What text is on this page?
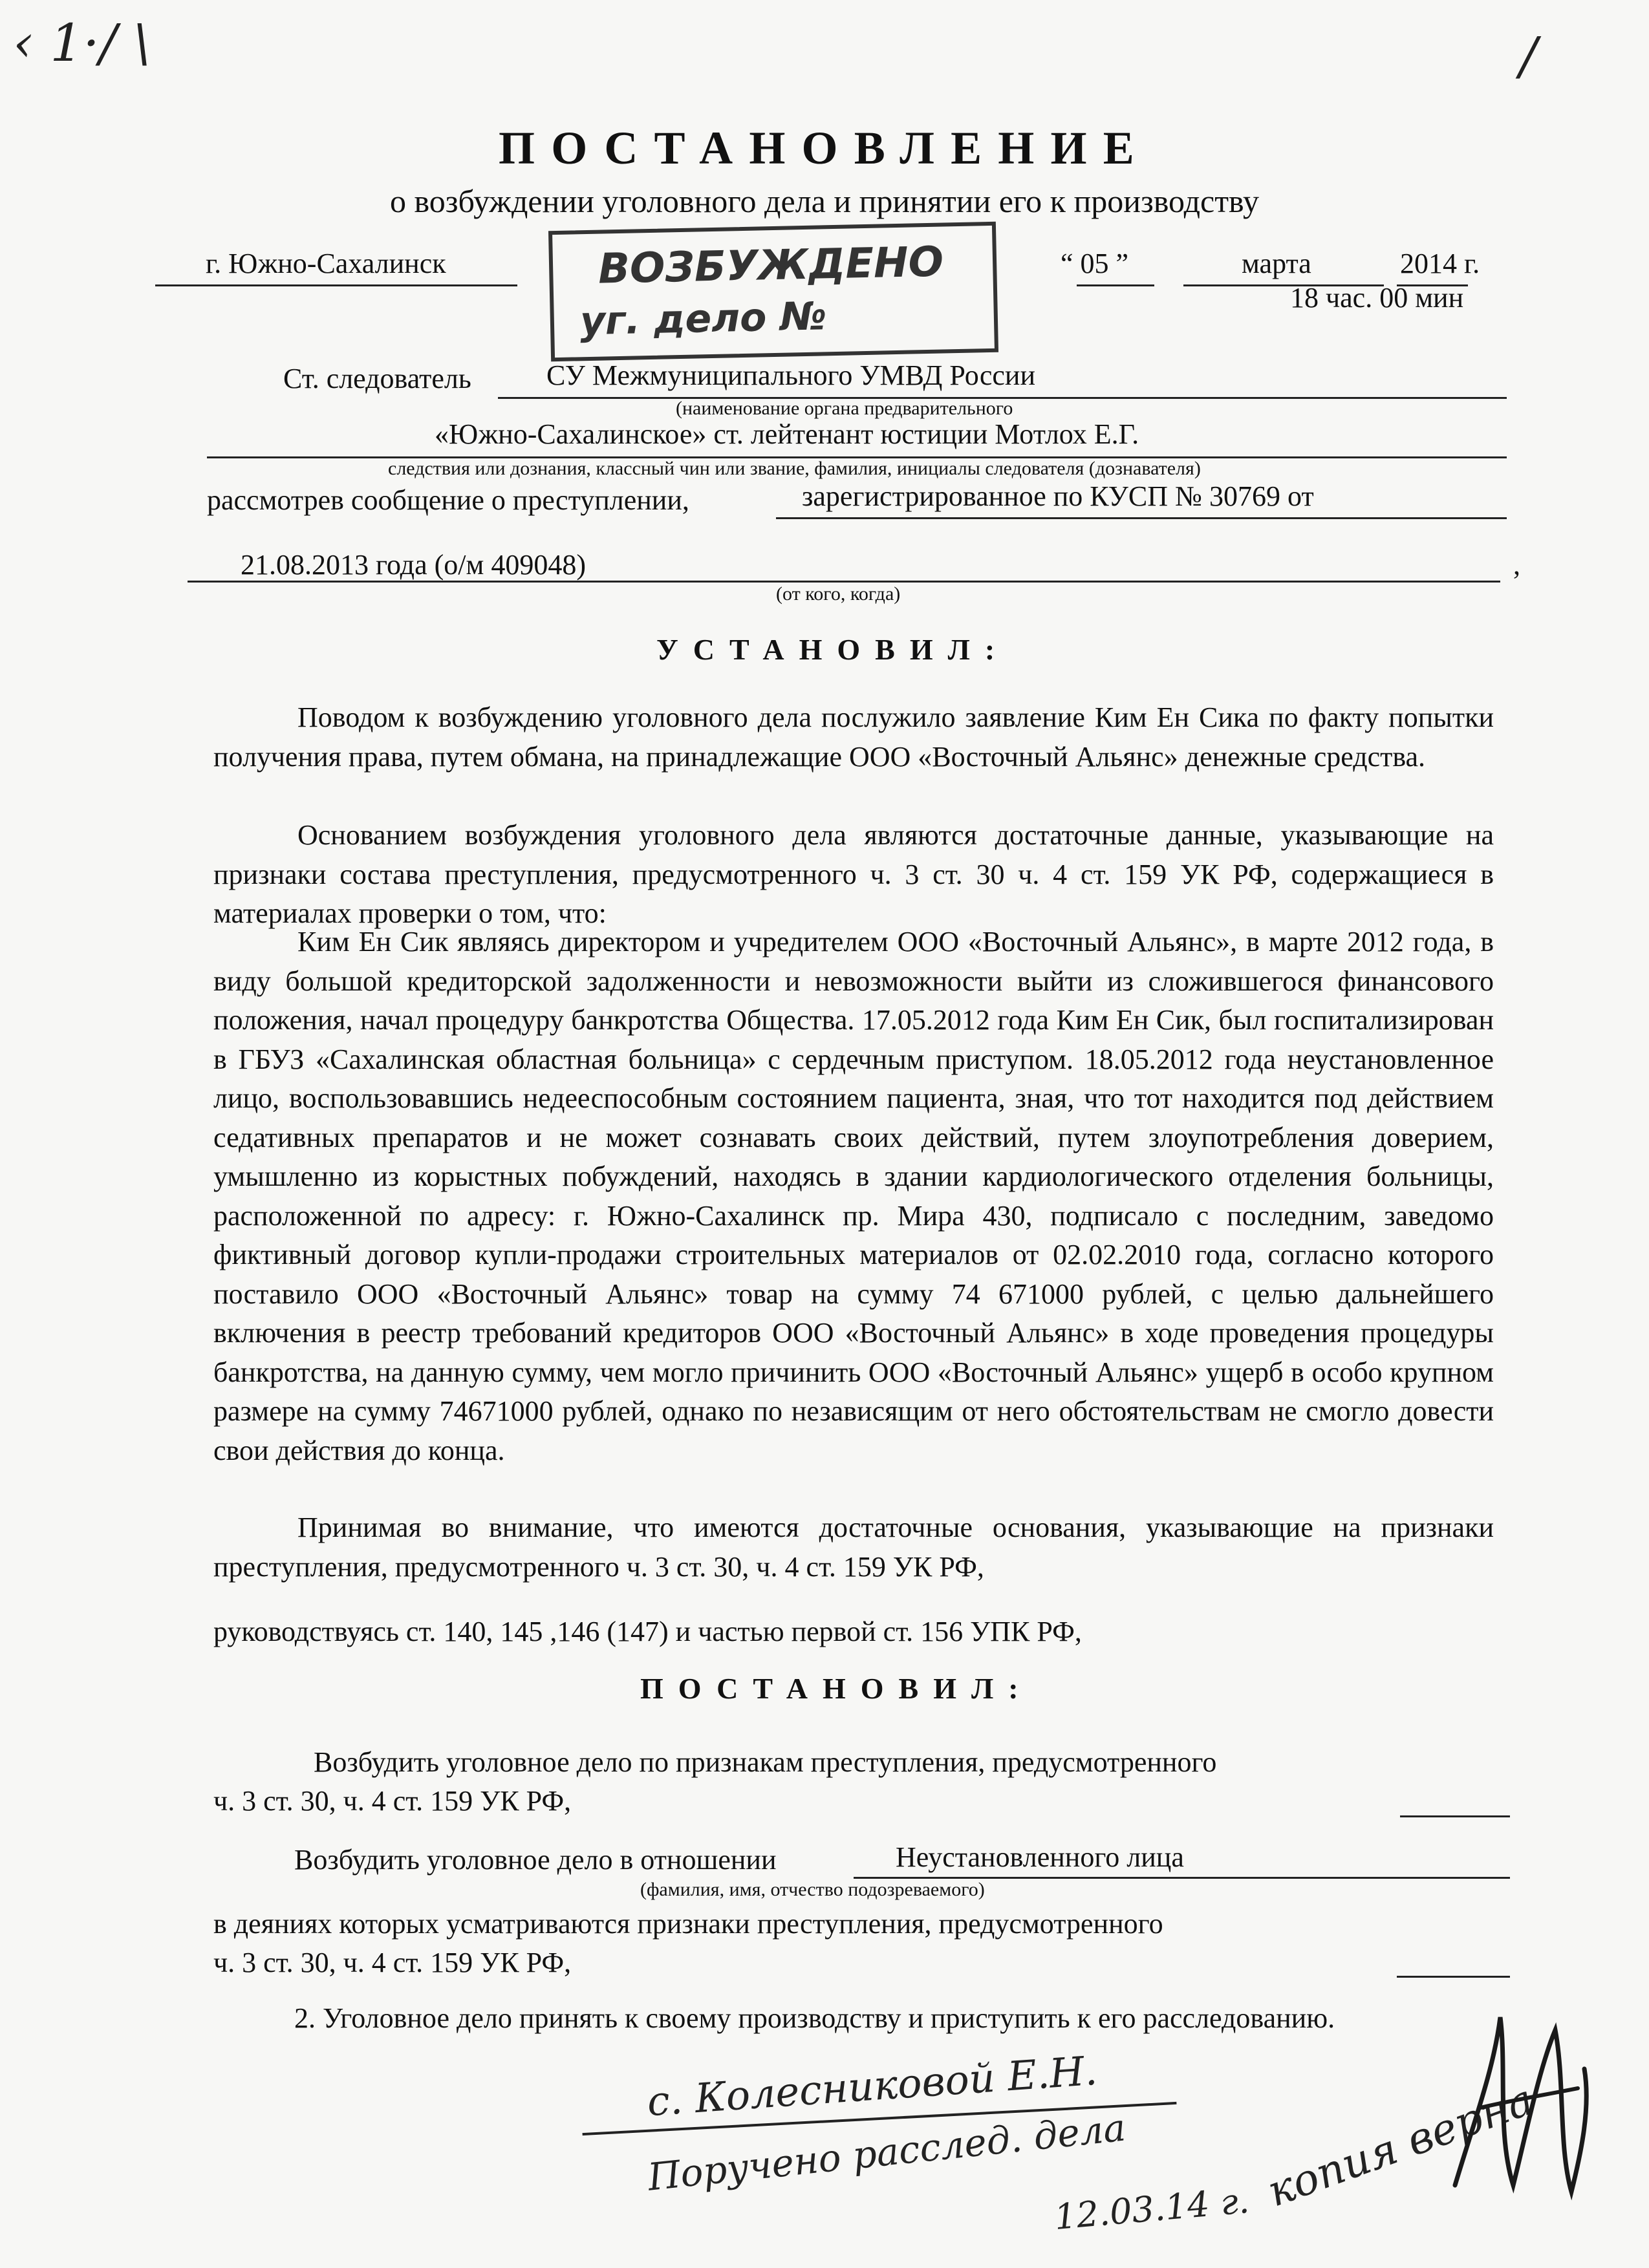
‹ 1·/ \	/
ПОСТАНОВЛЕНИЕ
о возбуждении уголовного дела и принятии его к производству
г. Южно-Сахалинск	ВОЗБУЖДЕНО
уг. дело №
“ 05 ”	марта	2014 г.
18 час. 00 мин
Ст. следователь	СУ Межмуниципального УМВД России
(наименование органа предварительного
«Южно-Сахалинское» ст. лейтенант юстиции Мотлох Е.Г.
следствия или дознания, классный чин или звание, фамилия, инициалы следователя (дознавателя)
рассмотрев сообщение о преступлении,	зарегистрированное по КУСП № 30769 от
21.08.2013 года (о/м 409048)	,
(от кого, когда)
УСТАНОВИЛ:

Поводом к возбуждению уголовного дела послужило заявление Ким Ен Сика по факту попытки получения права, путем обмана, на принадлежащие ООО «Восточный Альянс» денежные средства.

Основанием возбуждения уголовного дела являются достаточные данные, указывающие на признаки состава преступления, предусмотренного ч. 3 ст. 30 ч. 4 ст. 159 УК РФ, содержащиеся в материалах проверки о том, что:

Ким Ен Сик являясь директором и учредителем ООО «Восточный Альянс», в марте 2012 года, в виду большой кредиторской задолженности и невозможности выйти из сложившегося финансового положения, начал процедуру банкротства Общества. 17.05.2012 года Ким Ен Сик, был госпитализирован в ГБУЗ «Сахалинская областная больница» с сердечным приступом. 18.05.2012 года неустановленное лицо, воспользовавшись недееспособным состоянием пациента, зная, что тот находится под действием седативных препаратов и не может сознавать своих действий, путем злоупотребления доверием, умышленно из корыстных побуждений, находясь в здании кардиологического отделения больницы, расположенной по адресу: г. Южно-Сахалинск пр. Мира 430, подписало с последним, заведомо фиктивный договор купли-продажи строительных материалов от 02.02.2010 года, согласно которого поставило ООО «Восточный Альянс» товар на сумму 74 671000 рублей, с целью дальнейшего включения в реестр требований кредиторов ООО «Восточный Альянс» в ходе проведения процедуры банкротства, на данную сумму, чем могло причинить ООО «Восточный Альянс» ущерб в особо крупном размере на сумму 74671000 рублей, однако по независящим от него обстоятельствам не смогло довести свои действия до конца.

Принимая во внимание, что имеются достаточные основания, указывающие на признаки преступления, предусмотренного ч. 3 ст. 30, ч. 4 ст. 159 УК РФ,

руководствуясь ст. 140, 145 ,146 (147) и частью первой ст. 156 УПК РФ,
ПОСТАНОВИЛ:
Возбудить уголовное дело по признакам преступления, предусмотренного
ч. 3 ст. 30, ч. 4 ст. 159 УК РФ,
Возбудить уголовное дело в отношении	Неустановленного лица
(фамилия, имя, отчество подозреваемого)
в деяниях которых усматриваются признаки преступления, предусмотренного
ч. 3 ст. 30, ч. 4 ст. 159 УК РФ,
2. Уголовное дело принять к своему производству и приступить к его расследованию.
с. Колесниковой Е.Н.
Поручено расслед. дела
12.03.14 г. копия верна
